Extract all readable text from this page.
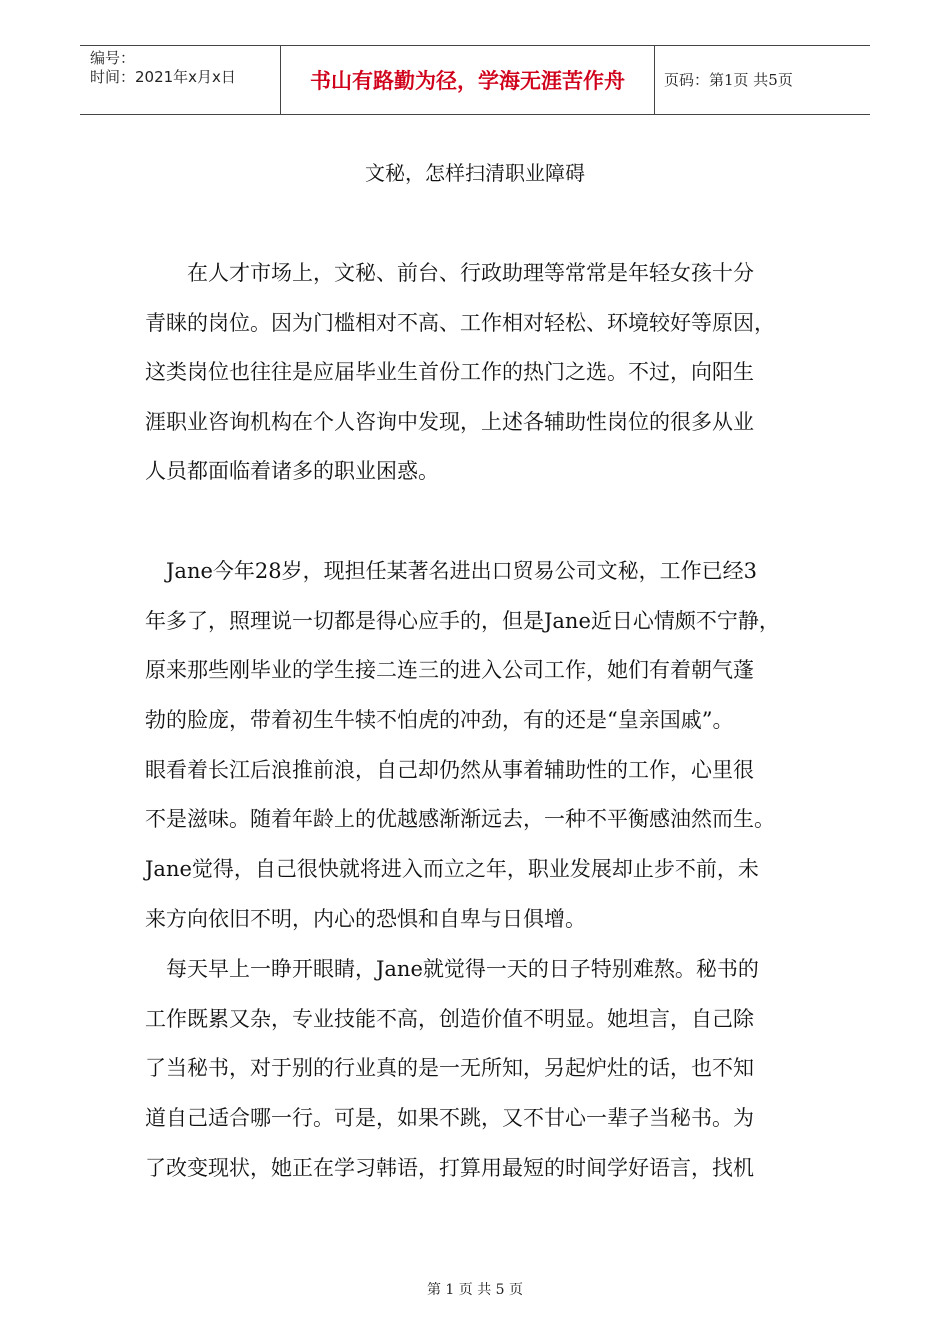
编号：
时间：2021年x月x日	书山有路勤为径，学海无涯苦作舟	页码：第1页 共5页
文秘，怎样扫清职业障碍
　　在人才市场上，文秘、前台、行政助理等常常是年轻女孩十分
青睐的岗位。因为门槛相对不高、工作相对轻松、环境较好等原因，
这类岗位也往往是应届毕业生首份工作的热门之选。不过，向阳生
涯职业咨询机构在个人咨询中发现，上述各辅助性岗位的很多从业
人员都面临着诸多的职业困惑。
　Jane今年28岁，现担任某著名进出口贸易公司文秘，工作已经3
年多了，照理说一切都是得心应手的，但是Jane近日心情颇不宁静，
原来那些刚毕业的学生接二连三的进入公司工作，她们有着朝气蓬
勃的脸庞，带着初生牛犊不怕虎的冲劲，有的还是“皇亲国戚”。
眼看着长江后浪推前浪，自己却仍然从事着辅助性的工作，心里很
不是滋味。随着年龄上的优越感渐渐远去，一种不平衡感油然而生。
Jane觉得，自己很快就将进入而立之年，职业发展却止步不前，未
来方向依旧不明，内心的恐惧和自卑与日俱增。
　每天早上一睁开眼睛，Jane就觉得一天的日子特别难熬。秘书的
工作既累又杂，专业技能不高，创造价值不明显。她坦言，自己除
了当秘书，对于别的行业真的是一无所知，另起炉灶的话，也不知
道自己适合哪一行。可是，如果不跳，又不甘心一辈子当秘书。为
了改变现状，她正在学习韩语，打算用最短的时间学好语言，找机
第 1 页 共 5 页
